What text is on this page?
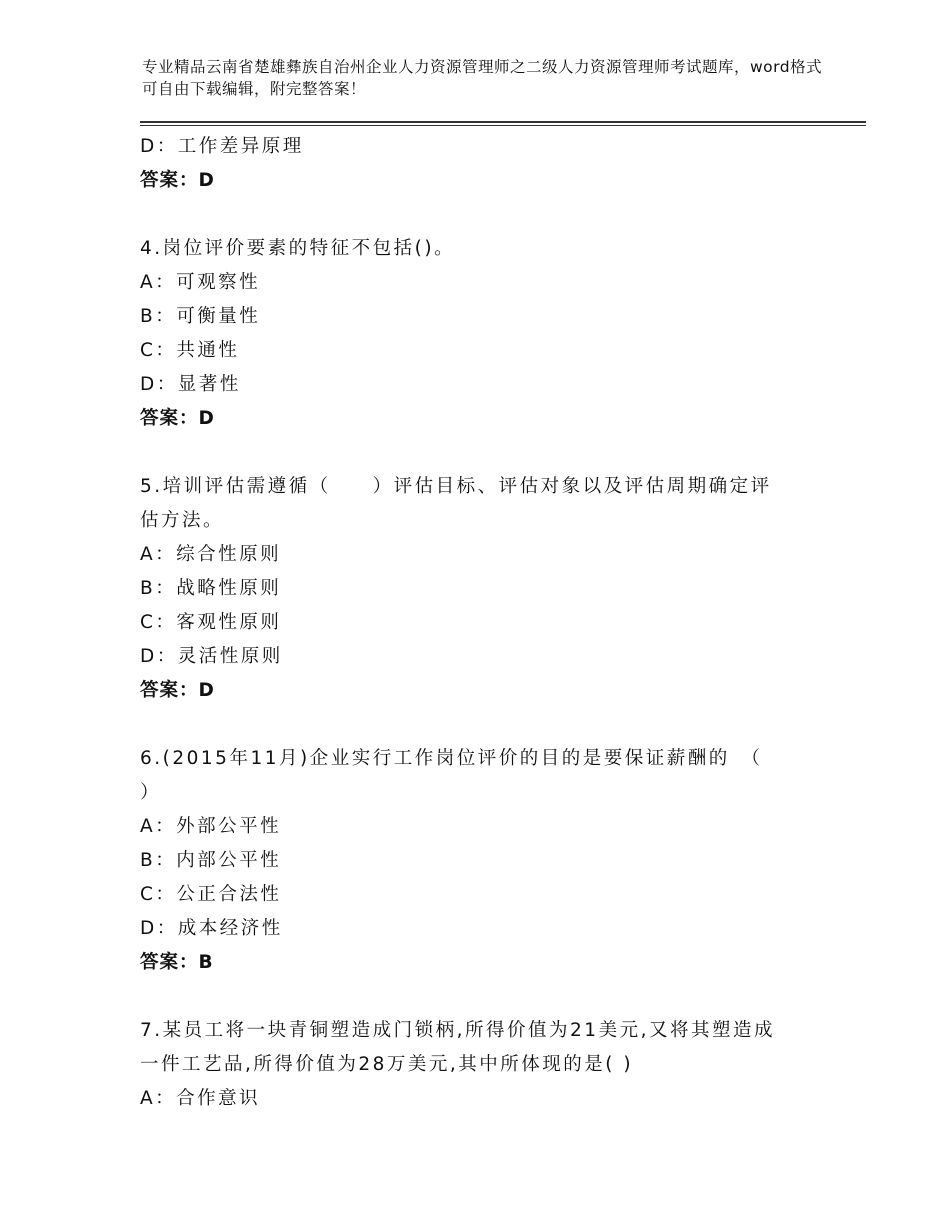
专业精品云南省楚雄彝族自治州企业人力资源管理师之二级人力资源管理师考试题库，word格式可自由下载编辑，附完整答案！
D：工作差异原理
答案：D
4.岗位评价要素的特征不包括()。
A：可观察性
B：可衡量性
C：共通性
D：显著性
答案：D
5.培训评估需遵循（　　）评估目标、评估对象以及评估周期确定评
估方法。
A：综合性原则
B：战略性原则
C：客观性原则
D：灵活性原则
答案：D
6.(2015年11月)企业实行工作岗位评价的目的是要保证薪酬的　（
）
A：外部公平性
B：内部公平性
C：公正合法性
D：成本经济性
答案：B
7.某员工将一块青铜塑造成门锁柄,所得价值为21美元,又将其塑造成
一件工艺品,所得价值为28万美元,其中所体现的是( )
A：合作意识
